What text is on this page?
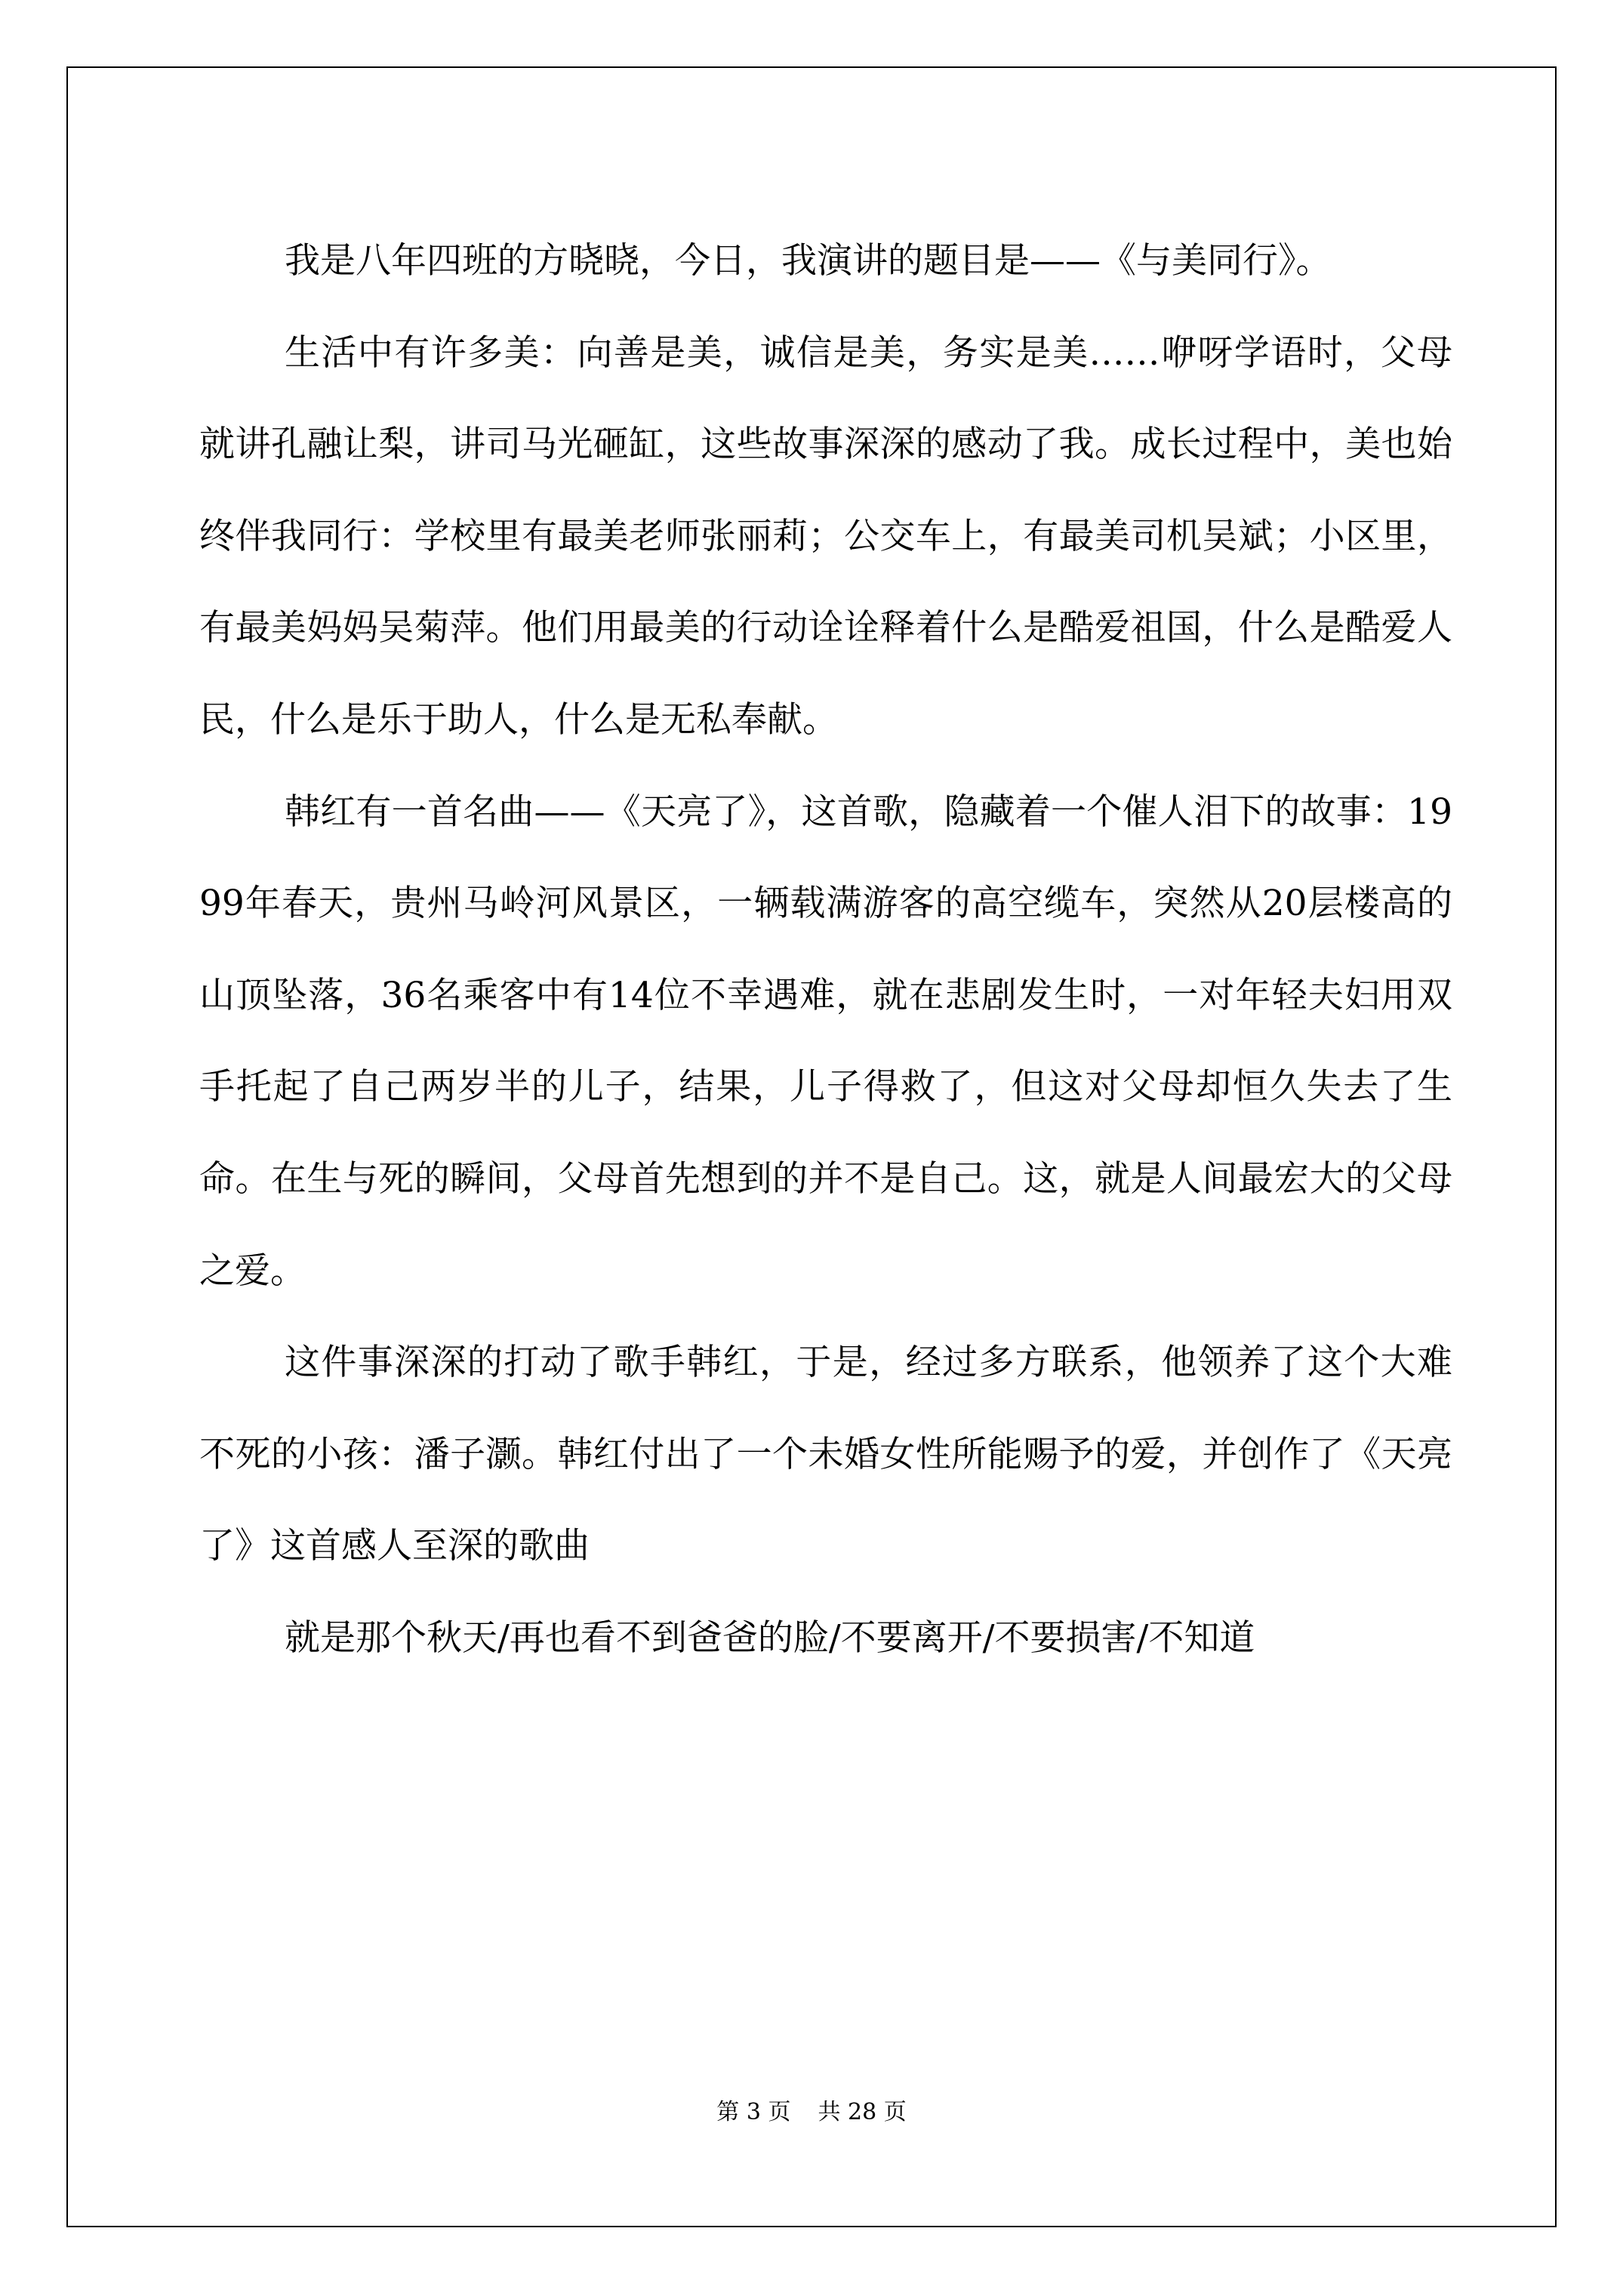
我是八年四班的方晓晓，今日，我演讲的题目是——《与美同行》。

生活中有许多美：向善是美，诚信是美，务实是美……咿呀学语时，父母就讲孔融让梨，讲司马光砸缸，这些故事深深的感动了我。成长过程中，美也始终伴我同行：学校里有最美老师张丽莉；公交车上，有最美司机吴斌；小区里，有最美妈妈吴菊萍。他们用最美的行动诠诠释着什么是酷爱祖国，什么是酷爱人民，什么是乐于助人，什么是无私奉献。

韩红有一首名曲——《天亮了》，这首歌，隐藏着一个催人泪下的故事：1999年春天，贵州马岭河风景区，一辆载满游客的高空缆车，突然从20层楼高的山顶坠落，36名乘客中有14位不幸遇难，就在悲剧发生时，一对年轻夫妇用双手托起了自己两岁半的儿子，结果，儿子得救了，但这对父母却恒久失去了生命。在生与死的瞬间，父母首先想到的并不是自己。这，就是人间最宏大的父母之爱。

这件事深深的打动了歌手韩红，于是，经过多方联系，他领养了这个大难不死的小孩：潘子灏。韩红付出了一个未婚女性所能赐予的爱，并创作了《天亮了》这首感人至深的歌曲

就是那个秋天/再也看不到爸爸的脸/不要离开/不要损害/不知道

第 3 页 共 28 页
